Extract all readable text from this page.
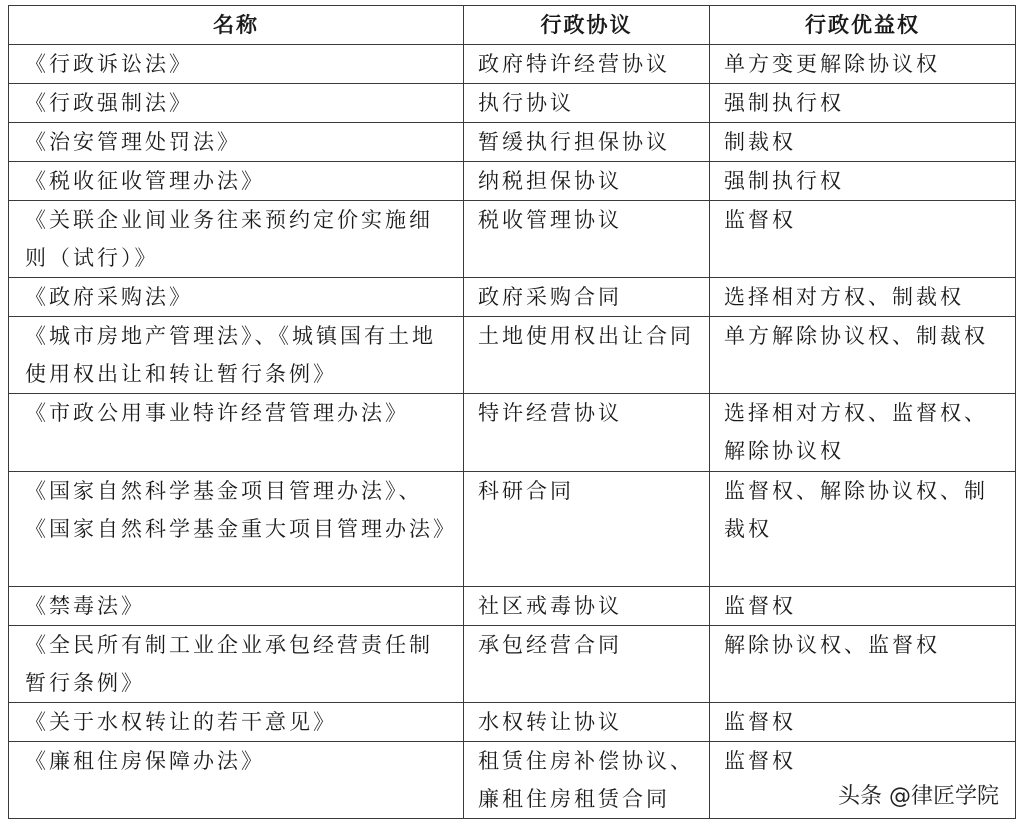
名称	行政协议	行政优益权
《行政诉讼法》	政府特许经营协议	单方变更解除协议权
《行政强制法》	执行协议	强制执行权
《治安管理处罚法》	暂缓执行担保协议	制裁权
《税收征收管理办法》	纳税担保协议	强制执行权
《关联企业间业务往来预约定价实施细则（试行）》	税收管理协议	监督权
《政府采购法》	政府采购合同	选择相对方权、制裁权
《城市房地产管理法》、《城镇国有土地使用权出让和转让暂行条例》	土地使用权出让合同	单方解除协议权、制裁权
《市政公用事业特许经营管理办法》	特许经营协议	选择相对方权、监督权、解除协议权
《国家自然科学基金项目管理办法》、《国家自然科学基金重大项目管理办法》	科研合同	监督权、解除协议权、制裁权
《禁毒法》	社区戒毒协议	监督权
《全民所有制工业企业承包经营责任制暂行条例》	承包经营合同	解除协议权、监督权
《关于水权转让的若干意见》	水权转让协议	监督权
《廉租住房保障办法》	租赁住房补偿协议、廉租住房租赁合同	监督权
头条 @律匠学院
